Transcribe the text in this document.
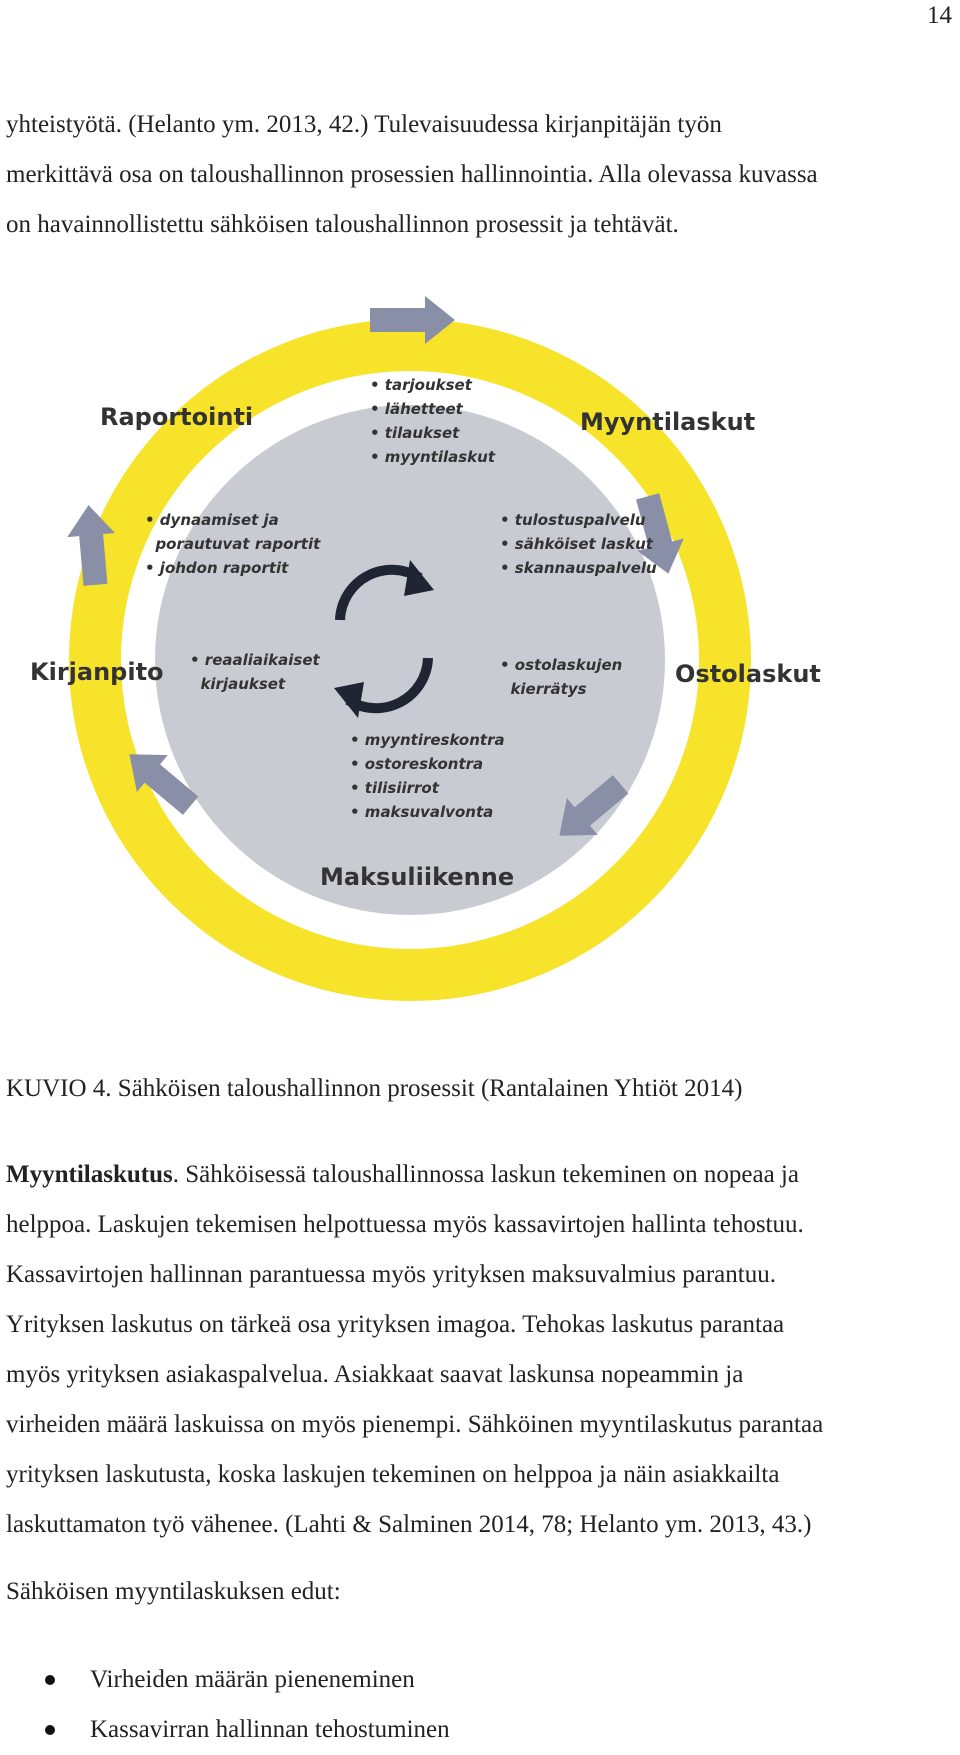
14

yhteistyötä. (Helanto ym. 2013, 42.) Tulevaisuudessa kirjanpitäjän työn
merkittävä osa on taloushallinnon prosessien hallinnointia. Alla olevassa kuvassa
on havainnollistettu sähköisen taloushallinnon prosessit ja tehtävät.

Myyntilaskut
Ostolaskut
Maksuliikenne
Kirjanpito
Raportointi
• tarjoukset
• lähetteet
• tilaukset
• myyntilaskut
• tulostuspalvelu
• sähköiset laskut
• skannauspalvelu
• ostolaskujen
kierrätys
• myyntireskontra
• ostoreskontra
• tilisiirrot
• maksuvalvonta
• reaaliaikaiset
kirjaukset
• dynaamiset ja
porautuvat raportit
• johdon raportit
KUVIO 4. Sähköisen taloushallinnon prosessit (Rantalainen Yhtiöt 2014)

Myyntilaskutus. Sähköisessä taloushallinnossa laskun tekeminen on nopeaa ja
helppoa. Laskujen tekemisen helpottuessa myös kassavirtojen hallinta tehostuu.
Kassavirtojen hallinnan parantuessa myös yrityksen maksuvalmius parantuu.
Yrityksen laskutus on tärkeä osa yrityksen imagoa. Tehokas laskutus parantaa
myös yrityksen asiakaspalvelua. Asiakkaat saavat laskunsa nopeammin ja
virheiden määrä laskuissa on myös pienempi. Sähköinen myyntilaskutus parantaa
yrityksen laskutusta, koska laskujen tekeminen on helppoa ja näin asiakkailta
laskuttamaton työ vähenee. (Lahti & Salminen 2014, 78; Helanto ym. 2013, 43.)

Sähköisen myyntilaskuksen edut:
Virheiden määrän pieneneminen
Kassavirran hallinnan tehostuminen
